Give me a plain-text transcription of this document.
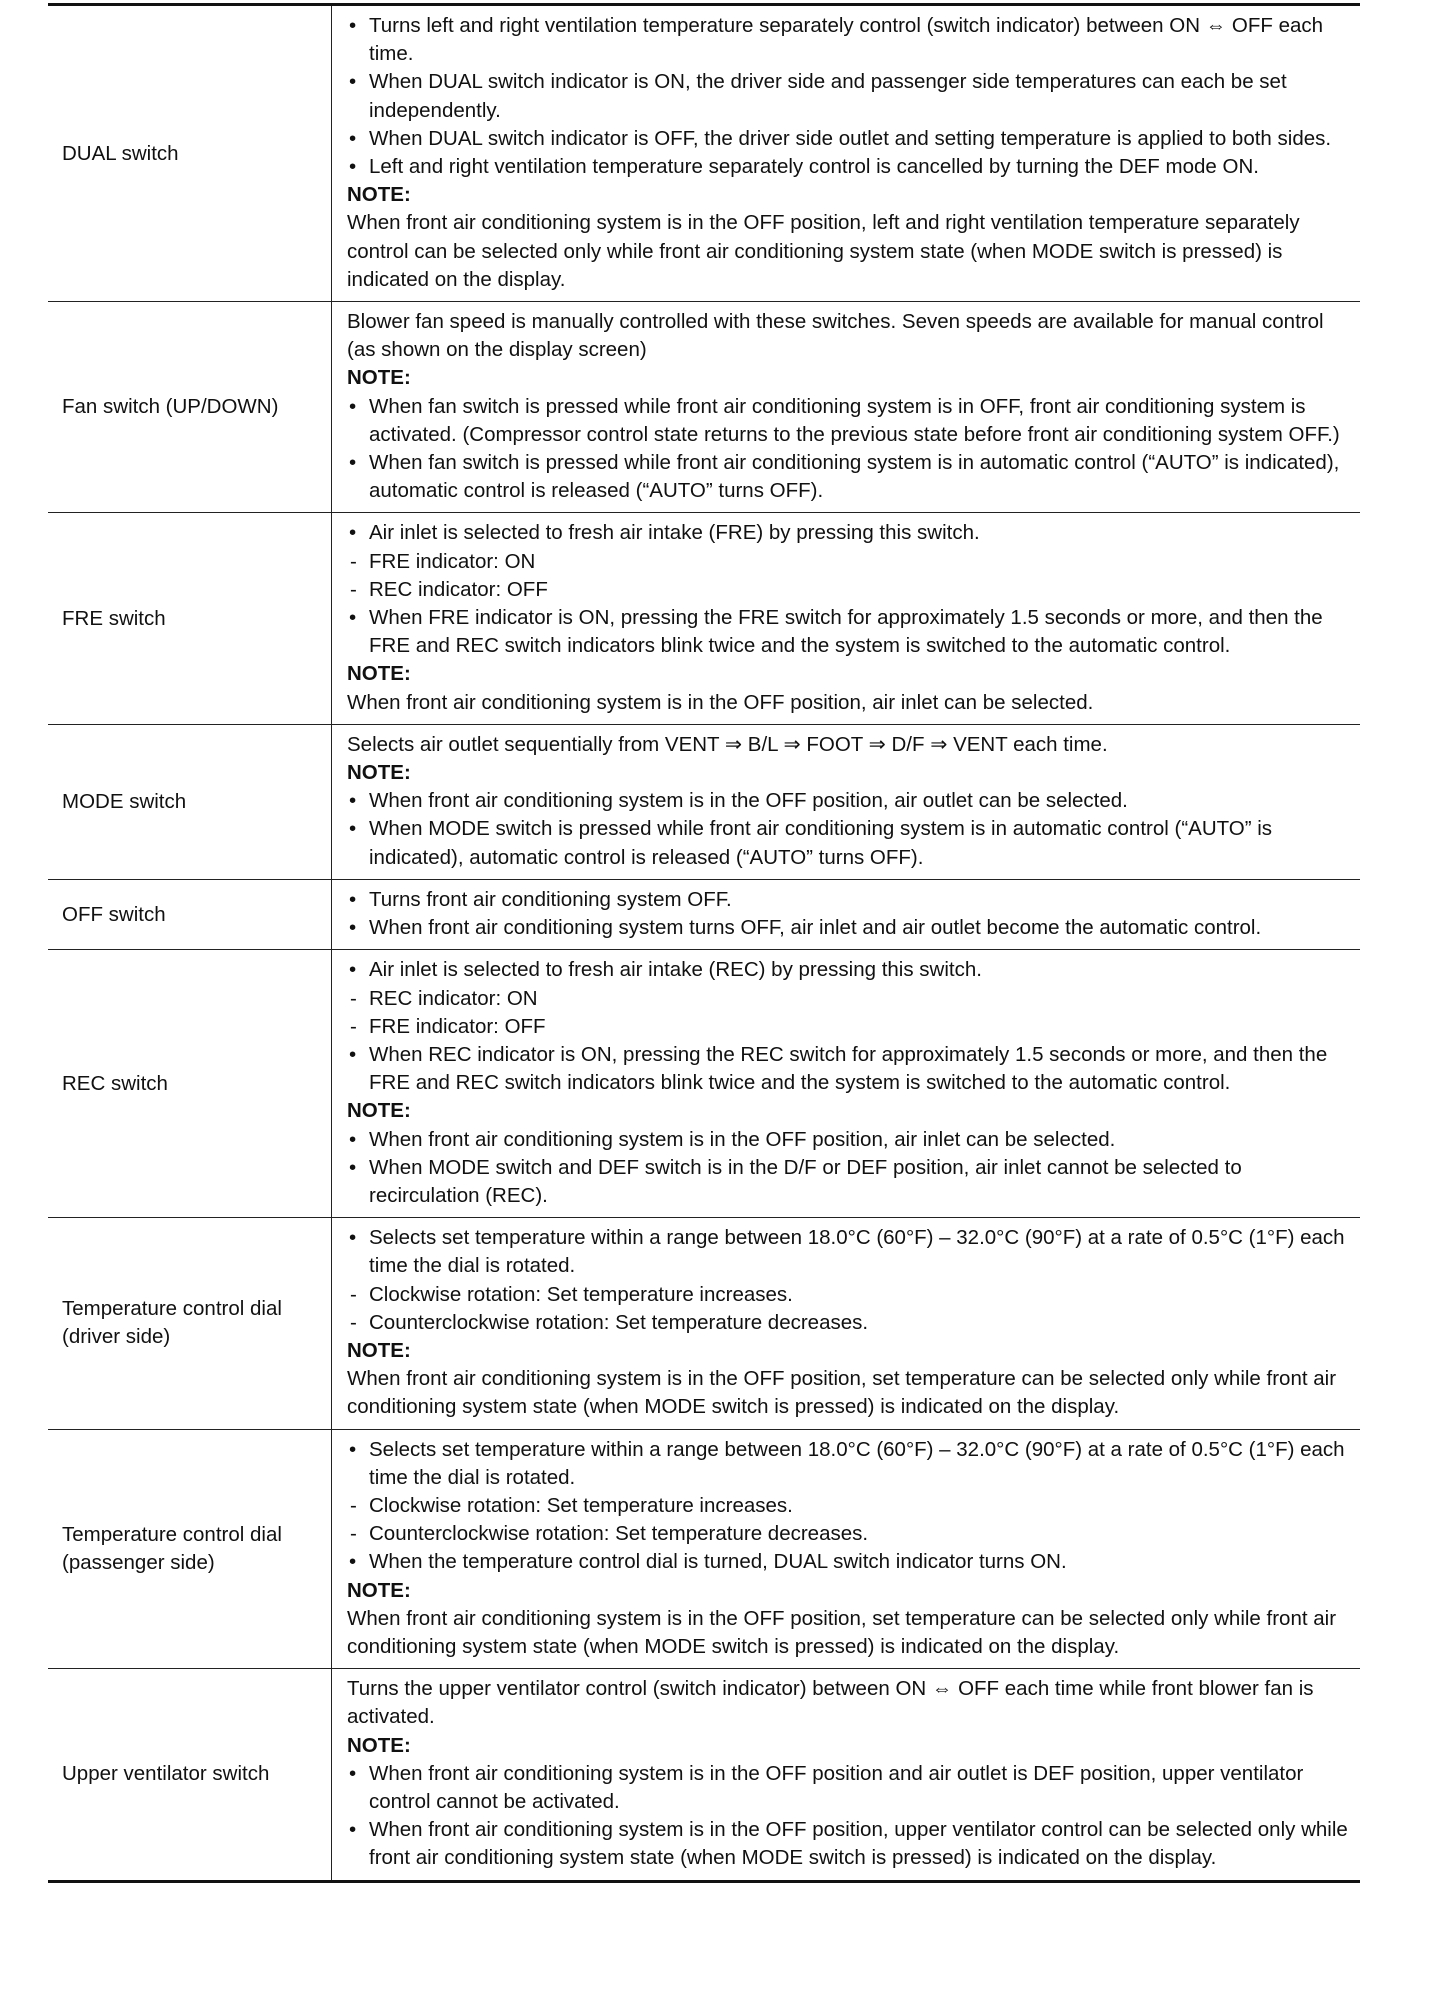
DUAL switch
• Turns left and right ventilation temperature separately control (switch indicator) between ON ⇔ OFF each time.
• When DUAL switch indicator is ON, the driver side and passenger side temperatures can each be set independently.
• When DUAL switch indicator is OFF, the driver side outlet and setting temperature is applied to both sides.
• Left and right ventilation temperature separately control is cancelled by turning the DEF mode ON.
NOTE:
When front air conditioning system is in the OFF position, left and right ventilation temperature separately control can be selected only while front air conditioning system state (when MODE switch is pressed) is indicated on the display.
Fan switch (UP/DOWN)
Blower fan speed is manually controlled with these switches. Seven speeds are available for manual control (as shown on the display screen)
NOTE:
• When fan switch is pressed while front air conditioning system is in OFF, front air conditioning system is activated. (Compressor control state returns to the previous state before front air conditioning system OFF.)
• When fan switch is pressed while front air conditioning system is in automatic control (“AUTO” is indicated), automatic control is released (“AUTO” turns OFF).
FRE switch
• Air inlet is selected to fresh air intake (FRE) by pressing this switch.
- FRE indicator: ON
- REC indicator: OFF
• When FRE indicator is ON, pressing the FRE switch for approximately 1.5 seconds or more, and then the FRE and REC switch indicators blink twice and the system is switched to the automatic control.
NOTE:
When front air conditioning system is in the OFF position, air inlet can be selected.
MODE switch
Selects air outlet sequentially from VENT ⇒ B/L ⇒ FOOT ⇒ D/F ⇒ VENT each time.
NOTE:
• When front air conditioning system is in the OFF position, air outlet can be selected.
• When MODE switch is pressed while front air conditioning system is in automatic control (“AUTO” is indicated), automatic control is released (“AUTO” turns OFF).
OFF switch
• Turns front air conditioning system OFF.
• When front air conditioning system turns OFF, air inlet and air outlet become the automatic control.
REC switch
• Air inlet is selected to fresh air intake (REC) by pressing this switch.
- REC indicator: ON
- FRE indicator: OFF
• When REC indicator is ON, pressing the REC switch for approximately 1.5 seconds or more, and then the FRE and REC switch indicators blink twice and the system is switched to the automatic control.
NOTE:
• When front air conditioning system is in the OFF position, air inlet can be selected.
• When MODE switch and DEF switch is in the D/F or DEF position, air inlet cannot be selected to recirculation (REC).
Temperature control dial (driver side)
• Selects set temperature within a range between 18.0°C (60°F) – 32.0°C (90°F) at a rate of 0.5°C (1°F) each time the dial is rotated.
- Clockwise rotation: Set temperature increases.
- Counterclockwise rotation: Set temperature decreases.
NOTE:
When front air conditioning system is in the OFF position, set temperature can be selected only while front air conditioning system state (when MODE switch is pressed) is indicated on the display.
Temperature control dial (passenger side)
• Selects set temperature within a range between 18.0°C (60°F) – 32.0°C (90°F) at a rate of 0.5°C (1°F) each time the dial is rotated.
- Clockwise rotation: Set temperature increases.
- Counterclockwise rotation: Set temperature decreases.
• When the temperature control dial is turned, DUAL switch indicator turns ON.
NOTE:
When front air conditioning system is in the OFF position, set temperature can be selected only while front air conditioning system state (when MODE switch is pressed) is indicated on the display.
Upper ventilator switch
Turns the upper ventilator control (switch indicator) between ON ⇔ OFF each time while front blower fan is activated.
NOTE:
• When front air conditioning system is in the OFF position and air outlet is DEF position, upper ventilator control cannot be activated.
• When front air conditioning system is in the OFF position, upper ventilator control can be selected only while front air conditioning system state (when MODE switch is pressed) is indicated on the display.
